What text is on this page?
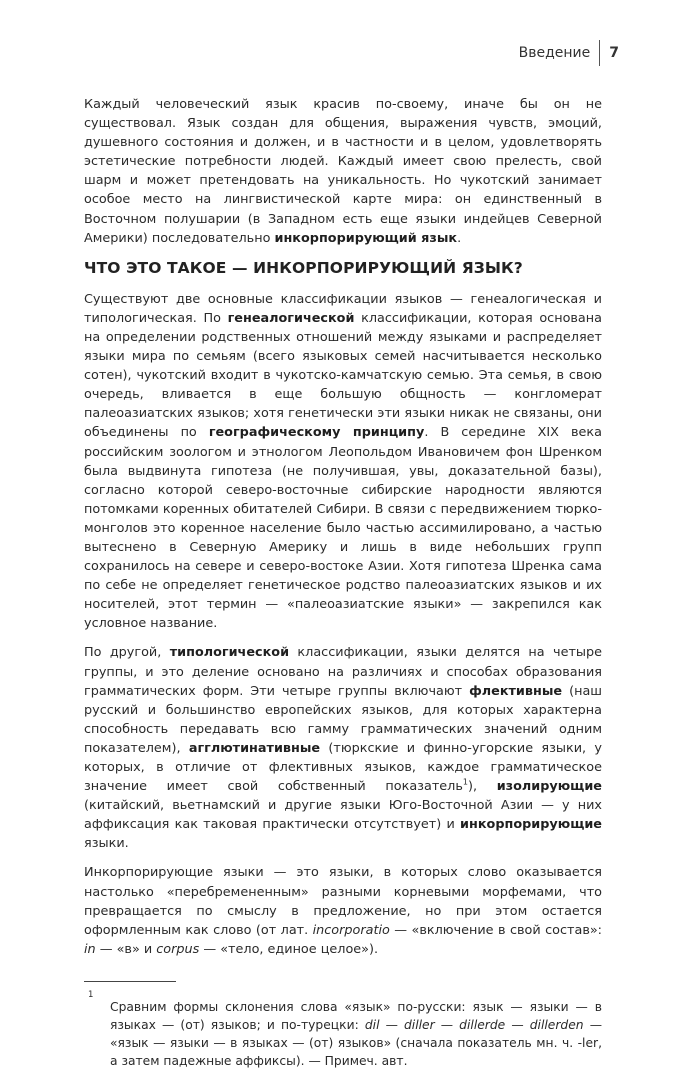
Введение 7

Каждый человеческий язык красив по-своему, иначе бы он не существовал. Язык создан для общения, выражения чувств, эмоций, душевного состояния и должен, и в частности и в целом, удовлетворять эстетические потребности людей. Каждый имеет свою прелесть, свой шарм и может претендовать на уникальность. Но чукотский занимает особое место на лингвистической карте мира: он единственный в Восточном полушарии (в Западном есть еще языки индейцев Северной Америки) последовательно инкорпорирующий язык.

ЧТО ЭТО ТАКОЕ — ИНКОРПОРИРУЮЩИЙ ЯЗЫК?

Существуют две основные классификации языков — генеалогическая и типологическая. По генеалогической классификации, которая основана на определении родственных отношений между языками и распределяет языки мира по семьям (всего языковых семей насчитывается несколько сотен), чукотский входит в чукотско-камчатскую семью. Эта семья, в свою очередь, вливается в еще большую общность — конгломерат палеоазиатских языков; хотя генетически эти языки никак не связаны, они объединены по географическому принципу. В середине XIX века российским зоологом и этнологом Леопольдом Ивановичем фон Шренком была выдвинута гипотеза (не получившая, увы, доказательной базы), согласно которой северо-восточные сибирские народности являются потомками коренных обитателей Сибири. В связи с передвижением тюрко-монголов это коренное население было частью ассимилировано, а частью вытеснено в Северную Америку и лишь в виде небольших групп сохранилось на севере и северо-востоке Азии. Хотя гипотеза Шренка сама по себе не определяет генетическое родство палеоазиатских языков и их носителей, этот термин — «палеоазиатские языки» — закрепился как условное название.

По другой, типологической классификации, языки делятся на четыре группы, и это деление основано на различиях и способах образования грамматических форм. Эти четыре группы включают флективные (наш русский и большинство европейских языков, для которых характерна способность передавать всю гамму грамматических значений одним показателем), агглютинативные (тюркские и финно-угорские языки, у которых, в отличие от флективных языков, каждое грамматическое значение имеет свой собственный показатель$^1$), изолирующие (китайский, вьетнамский и другие языки Юго-Восточной Азии — у них аффиксация как таковая практически отсутствует) и инкорпорирующие языки.

Инкорпорирующие языки — это языки, в которых слово оказывается настолько «перебремененным» разными корневыми морфемами, что превращается по смыслу в предложение, но при этом остается оформленным как слово (от лат. incorporatio — «включение в свой состав»: in — «в» и corpus — «тело, единое целое»).

1
Сравним формы склонения слова «язык» по-русски: язык — языки — в языках — (от) языков; и по-турецки: dil — diller — dillerde — dillerden — «язык — языки — в языках — (от) языков» (сначала показатель мн. ч. -ler, а затем падежные аффиксы). — Примеч. авт.
